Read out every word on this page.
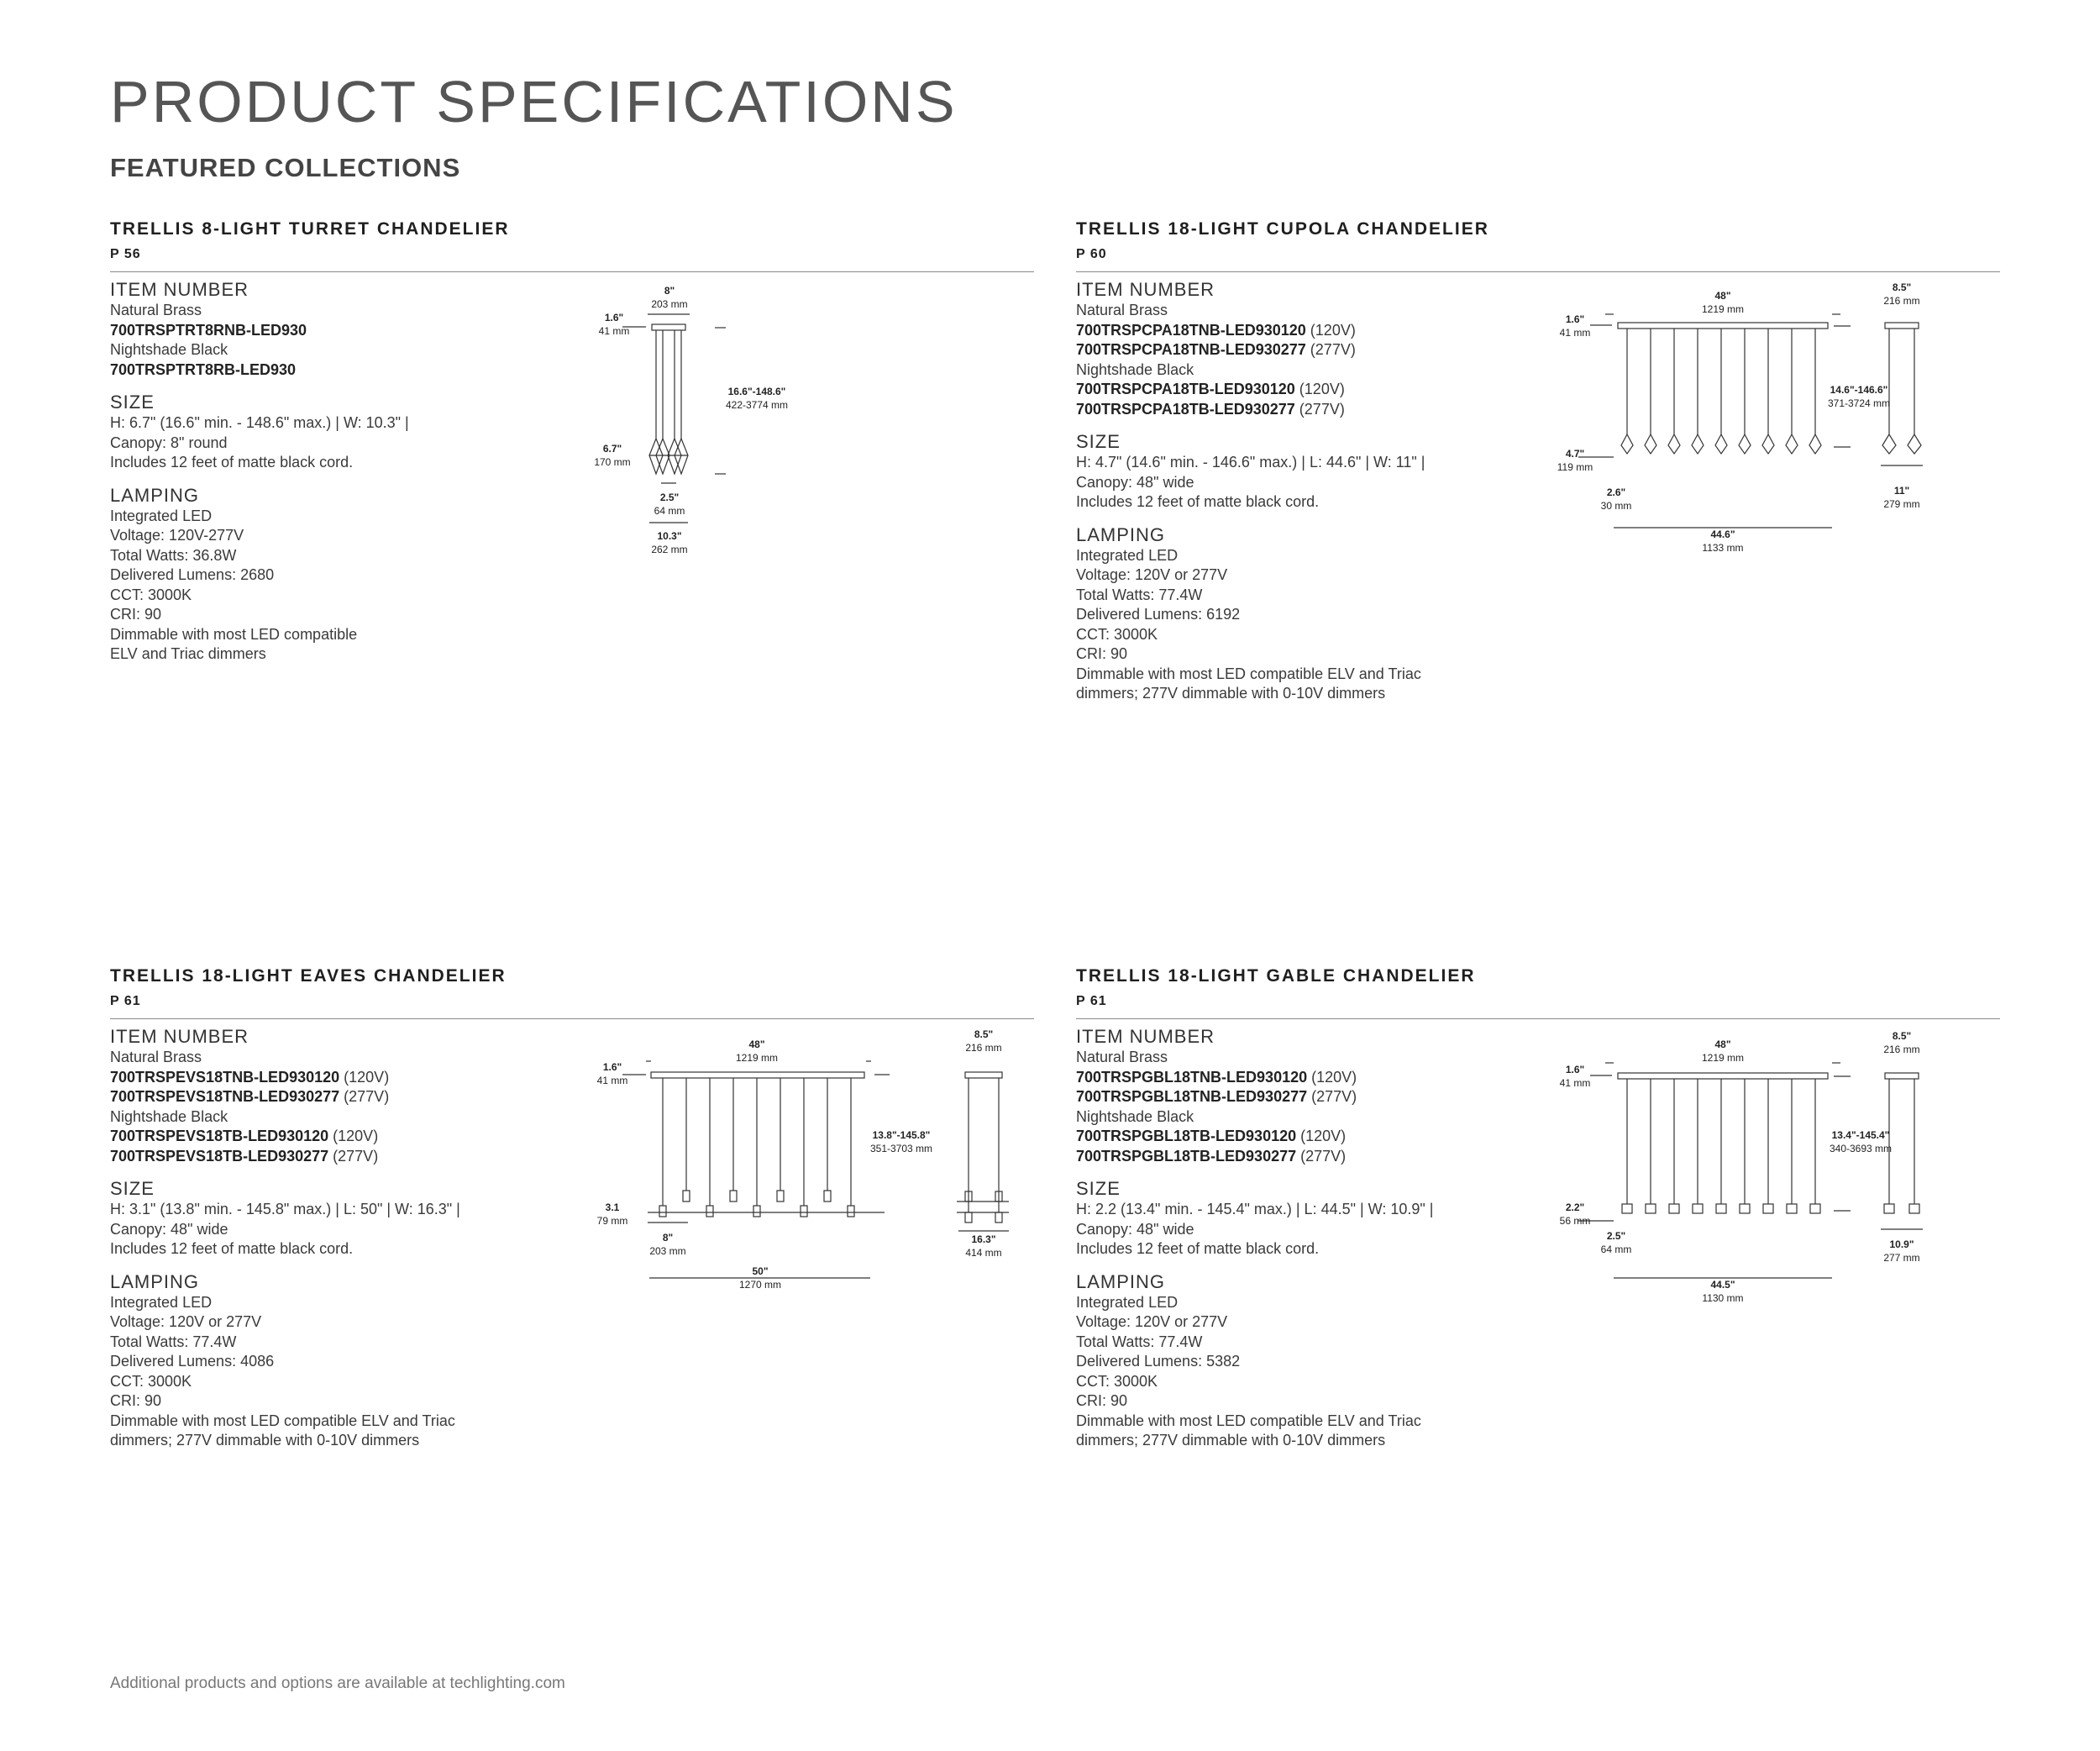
PRODUCT SPECIFICATIONS
FEATURED COLLECTIONS
TRELLIS 8-LIGHT TURRET CHANDELIER
P 56
ITEM NUMBER
Natural Brass
700TRSPTRT8RNB-LED930
Nightshade Black
700TRSPTRT8RB-LED930
SIZE
H: 6.7" (16.6" min. - 148.6" max.) | W: 10.3" |
Canopy: 8" round
Includes 12 feet of matte black cord.
LAMPING
Integrated LED
Voltage: 120V-277V
Total Watts: 36.8W
Delivered Lumens: 2680
CCT: 3000K
CRI: 90
Dimmable with most LED compatible
ELV and Triac dimmers
8"
203 mm
1.6"
41 mm
16.6"-148.6"
422-3774 mm
6.7"
170 mm
2.5"
64 mm
10.3"
262 mm
TRELLIS 18-LIGHT CUPOLA CHANDELIER
P 60
ITEM NUMBER
Natural Brass
700TRSPCPA18TNB-LED930120 (120V)
700TRSPCPA18TNB-LED930277 (277V)
Nightshade Black
700TRSPCPA18TB-LED930120 (120V)
700TRSPCPA18TB-LED930277 (277V)
SIZE
H: 4.7" (14.6" min. - 146.6" max.) | L: 44.6" | W: 11" |
Canopy: 48" wide
Includes 12 feet of matte black cord.
LAMPING
Integrated LED
Voltage: 120V or 277V
Total Watts: 77.4W
Delivered Lumens: 6192
CCT: 3000K
CRI: 90
Dimmable with most LED compatible ELV and Triac
dimmers; 277V dimmable with 0-10V dimmers
48"
1219 mm
1.6"
41 mm
14.6"-146.6"
371-3724 mm
4.7"
119 mm
2.6"
30 mm
44.6"
1133 mm
8.5"
216 mm
11"
279 mm
TRELLIS 18-LIGHT EAVES CHANDELIER
P 61
ITEM NUMBER
Natural Brass
700TRSPEVS18TNB-LED930120 (120V)
700TRSPEVS18TNB-LED930277 (277V)
Nightshade Black
700TRSPEVS18TB-LED930120 (120V)
700TRSPEVS18TB-LED930277 (277V)
SIZE
H: 3.1" (13.8" min. - 145.8" max.) | L: 50" | W: 16.3" |
Canopy: 48" wide
Includes 12 feet of matte black cord.
LAMPING
Integrated LED
Voltage: 120V or 277V
Total Watts: 77.4W
Delivered Lumens: 4086
CCT: 3000K
CRI: 90
Dimmable with most LED compatible ELV and Triac
dimmers; 277V dimmable with 0-10V dimmers
48"
1219 mm
1.6"
41 mm
13.8"-145.8"
351-3703 mm
3.1
79 mm
8"
203 mm
50"
1270 mm
8.5"
216 mm
16.3"
414 mm
TRELLIS 18-LIGHT GABLE CHANDELIER
P 61
ITEM NUMBER
Natural Brass
700TRSPGBL18TNB-LED930120 (120V)
700TRSPGBL18TNB-LED930277 (277V)
Nightshade Black
700TRSPGBL18TB-LED930120 (120V)
700TRSPGBL18TB-LED930277 (277V)
SIZE
H: 2.2 (13.4" min. - 145.4" max.) | L: 44.5" | W: 10.9" |
Canopy: 48" wide
Includes 12 feet of matte black cord.
LAMPING
Integrated LED
Voltage: 120V or 277V
Total Watts: 77.4W
Delivered Lumens: 5382
CCT: 3000K
CRI: 90
Dimmable with most LED compatible ELV and Triac
dimmers; 277V dimmable with 0-10V dimmers
48"
1219 mm
1.6"
41 mm
13.4"-145.4"
340-3693 mm
2.2"
56 mm
2.5"
64 mm
44.5"
1130 mm
8.5"
216 mm
10.9"
277 mm

Additional products and options are available at techlighting.com
